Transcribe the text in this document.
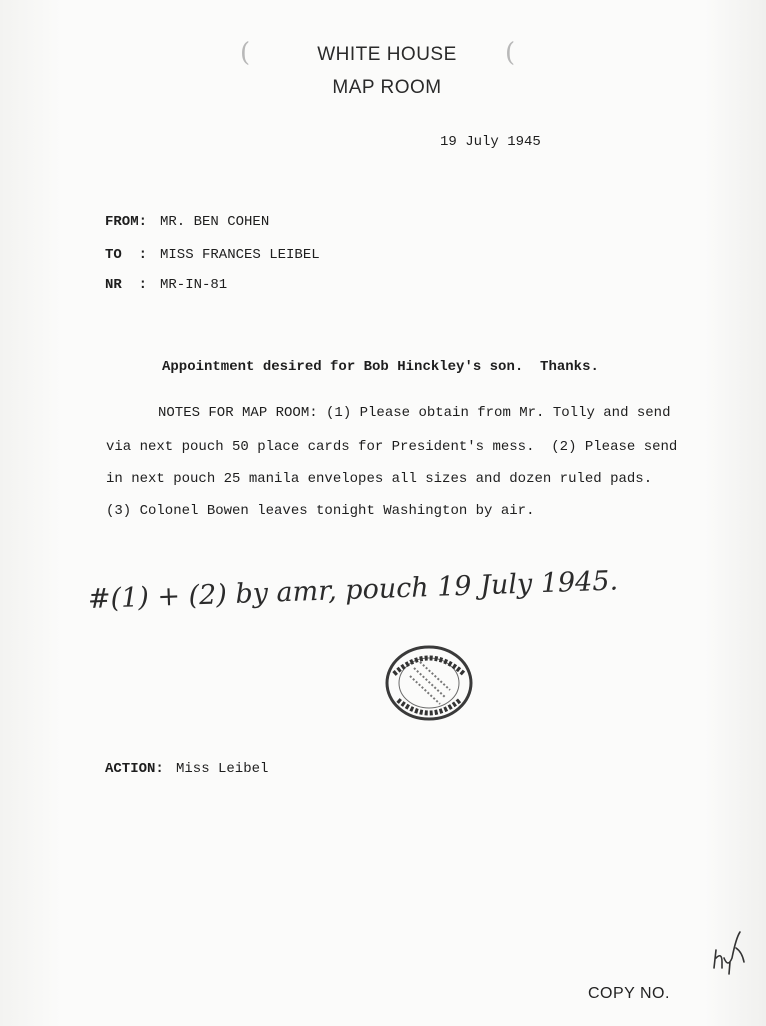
(	(
WHITE HOUSE
MAP ROOM
19 July 1945
FROM: MR. BEN COHEN
TO  : MISS FRANCES LEIBEL
NR  : MR-IN-81
Appointment desired for Bob Hinckley's son.  Thanks.
NOTES FOR MAP ROOM: (1) Please obtain from Mr. Tolly and send
via next pouch 50 place cards for President's mess.  (2) Please send
in next pouch 25 manila envelopes all sizes and dozen ruled pads.
(3) Colonel Bowen leaves tonight Washington by air.
#(1) + (2) by amr, pouch 19 July 1945.
ACTION: Miss Leibel
COPY NO.
